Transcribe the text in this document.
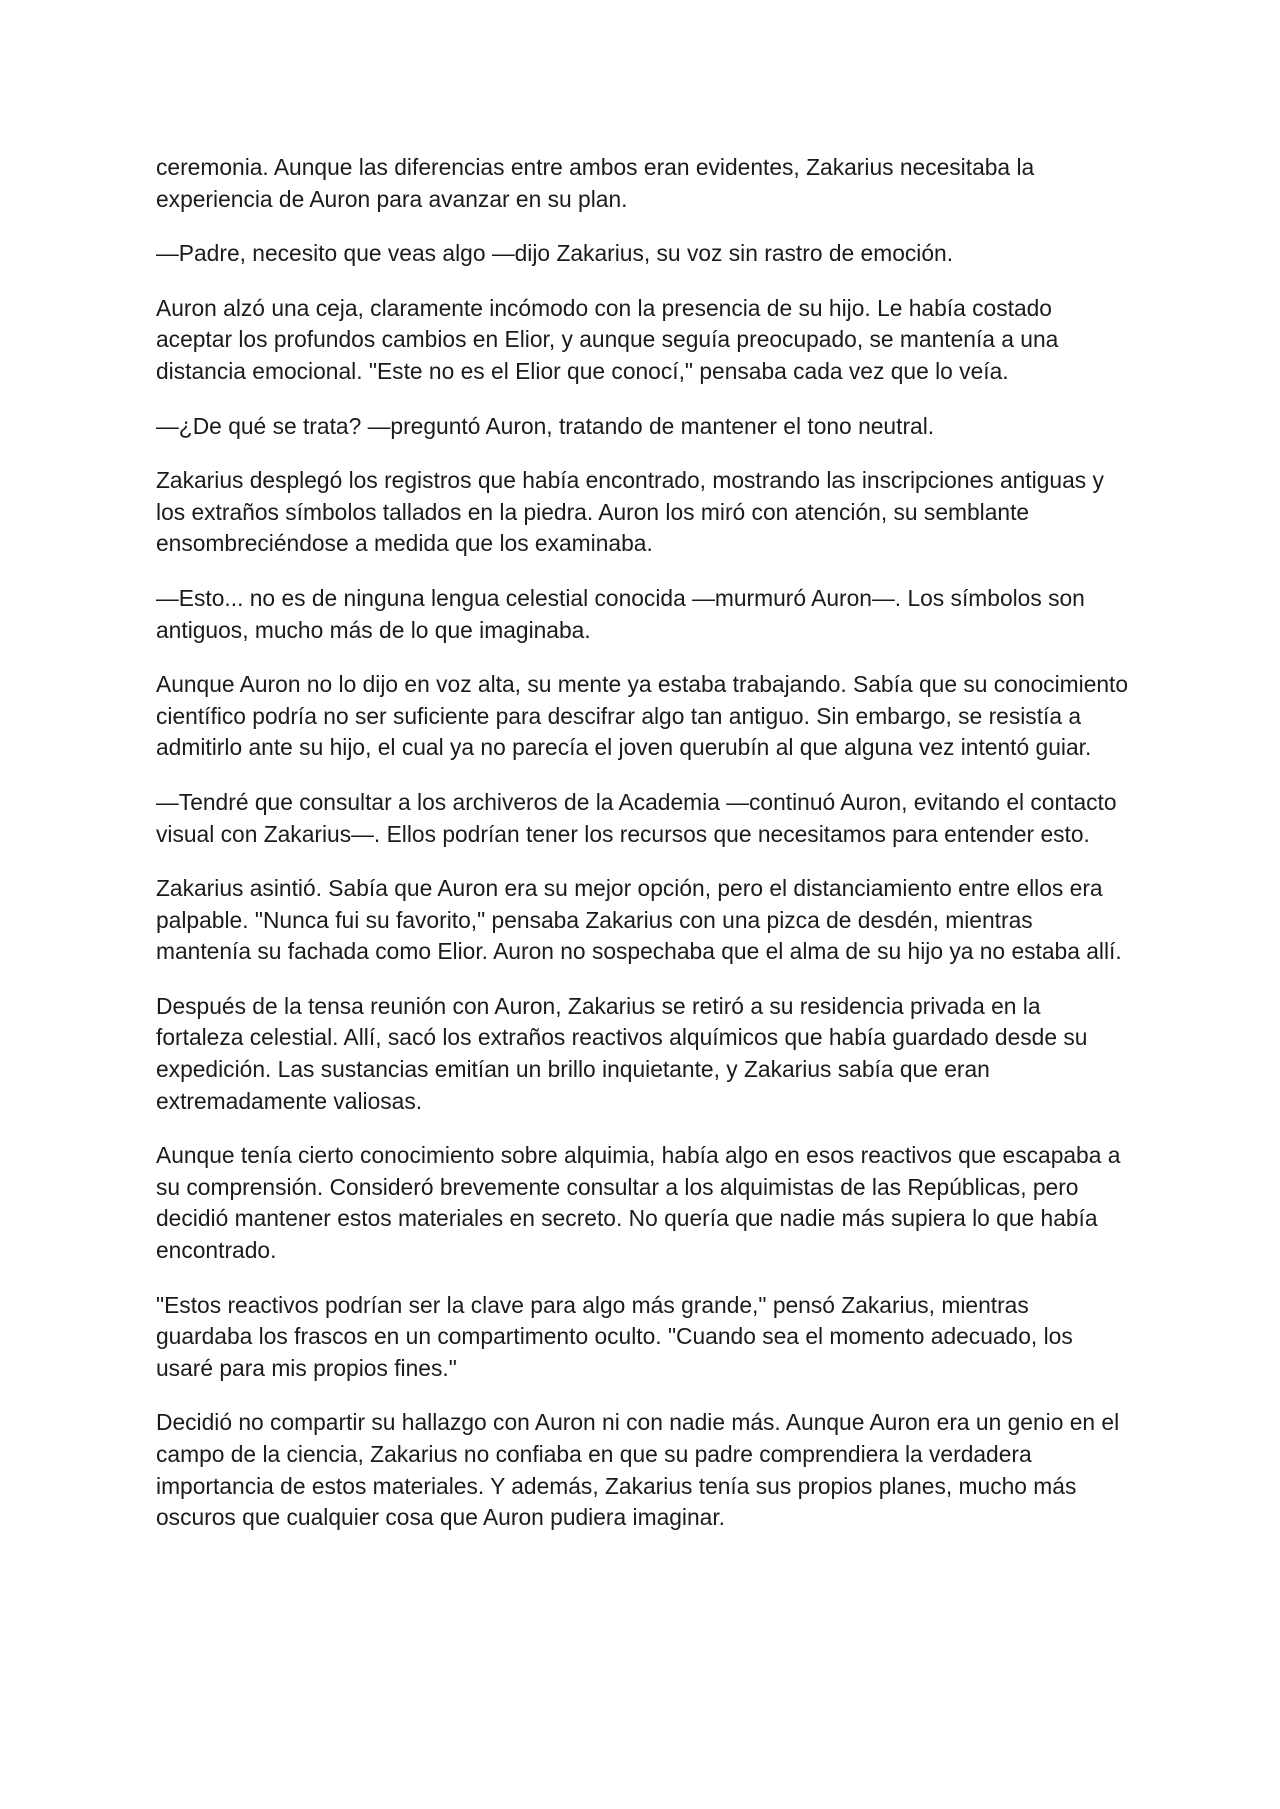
ceremonia. Aunque las diferencias entre ambos eran evidentes, Zakarius necesitaba la experiencia de Auron para avanzar en su plan.

—Padre, necesito que veas algo —dijo Zakarius, su voz sin rastro de emoción.

Auron alzó una ceja, claramente incómodo con la presencia de su hijo. Le había costado aceptar los profundos cambios en Elior, y aunque seguía preocupado, se mantenía a una distancia emocional. "Este no es el Elior que conocí," pensaba cada vez que lo veía.

—¿De qué se trata? —preguntó Auron, tratando de mantener el tono neutral.

Zakarius desplegó los registros que había encontrado, mostrando las inscripciones antiguas y los extraños símbolos tallados en la piedra. Auron los miró con atención, su semblante ensombreciéndose a medida que los examinaba.

—Esto... no es de ninguna lengua celestial conocida —murmuró Auron—. Los símbolos son antiguos, mucho más de lo que imaginaba.

Aunque Auron no lo dijo en voz alta, su mente ya estaba trabajando. Sabía que su conocimiento científico podría no ser suficiente para descifrar algo tan antiguo. Sin embargo, se resistía a admitirlo ante su hijo, el cual ya no parecía el joven querubín al que alguna vez intentó guiar.

—Tendré que consultar a los archiveros de la Academia —continuó Auron, evitando el contacto visual con Zakarius—. Ellos podrían tener los recursos que necesitamos para entender esto.

Zakarius asintió. Sabía que Auron era su mejor opción, pero el distanciamiento entre ellos era palpable. "Nunca fui su favorito," pensaba Zakarius con una pizca de desdén, mientras mantenía su fachada como Elior. Auron no sospechaba que el alma de su hijo ya no estaba allí.

Después de la tensa reunión con Auron, Zakarius se retiró a su residencia privada en la fortaleza celestial. Allí, sacó los extraños reactivos alquímicos que había guardado desde su expedición. Las sustancias emitían un brillo inquietante, y Zakarius sabía que eran extremadamente valiosas.

Aunque tenía cierto conocimiento sobre alquimia, había algo en esos reactivos que escapaba a su comprensión. Consideró brevemente consultar a los alquimistas de las Repúblicas, pero decidió mantener estos materiales en secreto. No quería que nadie más supiera lo que había encontrado.

"Estos reactivos podrían ser la clave para algo más grande," pensó Zakarius, mientras guardaba los frascos en un compartimento oculto. "Cuando sea el momento adecuado, los usaré para mis propios fines."

Decidió no compartir su hallazgo con Auron ni con nadie más. Aunque Auron era un genio en el campo de la ciencia, Zakarius no confiaba en que su padre comprendiera la verdadera importancia de estos materiales. Y además, Zakarius tenía sus propios planes, mucho más oscuros que cualquier cosa que Auron pudiera imaginar.
